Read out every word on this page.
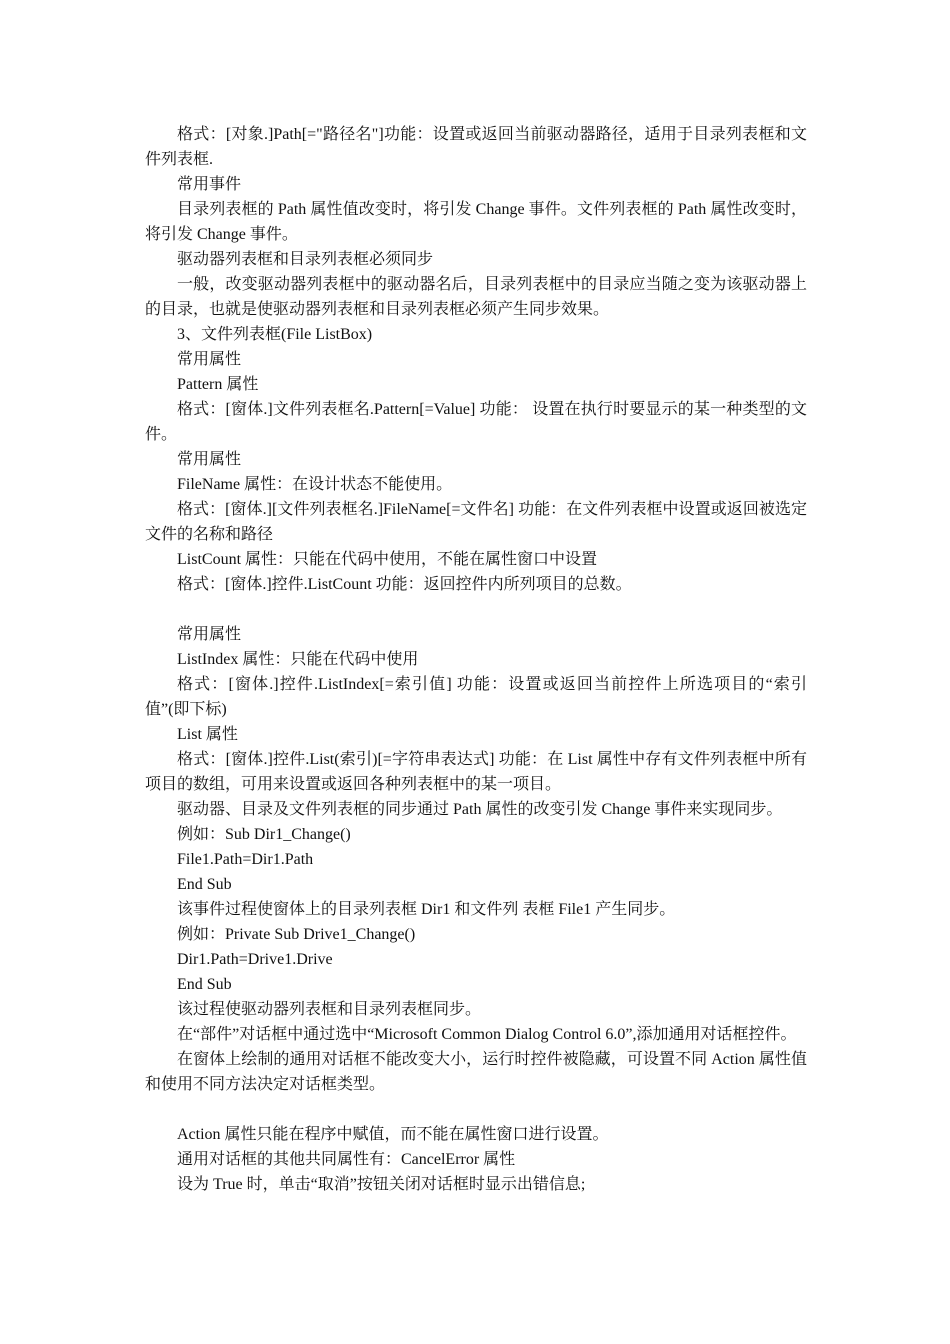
格式：[对象.]Path[="路径名"]功能：设置或返回当前驱动器路径，适用于目录列表框和文件列表框.

常用事件

目录列表框的 Path 属性值改变时，将引发 Change 事件。文件列表框的 Path 属性改变时，将引发 Change 事件。

驱动器列表框和目录列表框必须同步

一般，改变驱动器列表框中的驱动器名后，目录列表框中的目录应当随之变为该驱动器上的目录，也就是使驱动器列表框和目录列表框必须产生同步效果。

3、文件列表框(File ListBox)

常用属性

Pattern 属性

格式：[窗体.]文件列表框名.Pattern[=Value] 功能： 设置在执行时要显示的某一种类型的文件。

常用属性

FileName 属性：在设计状态不能使用。

格式：[窗体.][文件列表框名.]FileName[=文件名] 功能：在文件列表框中设置或返回被选定文件的名称和路径

ListCount 属性：只能在代码中使用，不能在属性窗口中设置

格式：[窗体.]控件.ListCount 功能：返回控件内所列项目的总数。

常用属性

ListIndex 属性：只能在代码中使用

格式：[窗体.]控件.ListIndex[=索引值] 功能：设置或返回当前控件上所选项目的“索引值”(即下标)

List 属性

格式：[窗体.]控件.List(索引)[=字符串表达式] 功能：在 List 属性中存有文件列表框中所有项目的数组，可用来设置或返回各种列表框中的某一项目。

驱动器、目录及文件列表框的同步通过 Path 属性的改变引发 Change 事件来实现同步。

例如：Sub Dir1_Change()

File1.Path=Dir1.Path

End Sub

该事件过程使窗体上的目录列表框 Dir1 和文件列 表框 File1 产生同步。

例如：Private Sub Drive1_Change()

Dir1.Path=Drive1.Drive

End Sub

该过程使驱动器列表框和目录列表框同步。

在“部件”对话框中通过选中“Microsoft Common Dialog Control 6.0”,添加通用对话框控件。

在窗体上绘制的通用对话框不能改变大小，运行时控件被隐藏，可设置不同 Action 属性值和使用不同方法决定对话框类型。

Action 属性只能在程序中赋值，而不能在属性窗口进行设置。

通用对话框的其他共同属性有：CancelError 属性

设为 True 时，单击“取消”按钮关闭对话框时显示出错信息;
